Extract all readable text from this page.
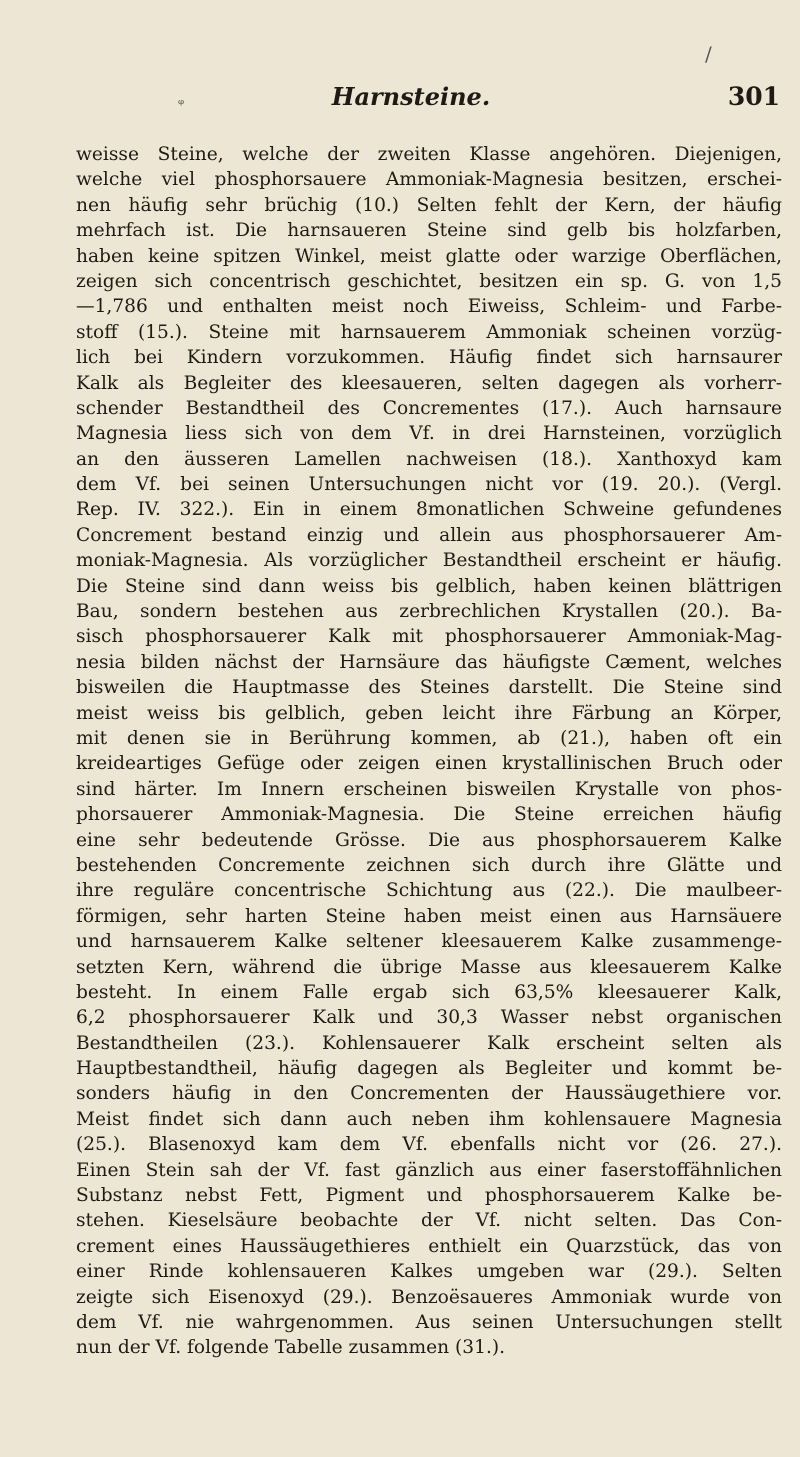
/
ᵩ	Harnsteine.	301
weisse Steine, welche der zweiten Klasse angehören. Diejenigen,
welche viel phosphorsauere Ammoniak-Magnesia besitzen, erschei-
nen häufig sehr brüchig (10.) Selten fehlt der Kern, der häufig
mehrfach ist. Die harnsaueren Steine sind gelb bis holzfarben,
haben keine spitzen Winkel, meist glatte oder warzige Oberflächen,
zeigen sich concentrisch geschichtet, besitzen ein sp. G. von 1,5
—1,786 und enthalten meist noch Eiweiss, Schleim- und Farbe-
stoff (15.). Steine mit harnsauerem Ammoniak scheinen vorzüg-
lich bei Kindern vorzukommen. Häufig findet sich harnsaurer
Kalk als Begleiter des kleesaueren, selten dagegen als vorherr-
schender Bestandtheil des Concrementes (17.). Auch harnsaure
Magnesia liess sich von dem Vf. in drei Harnsteinen, vorzüglich
an den äusseren Lamellen nachweisen (18.). Xanthoxyd kam
dem Vf. bei seinen Untersuchungen nicht vor (19. 20.). (Vergl.
Rep. IV. 322.). Ein in einem 8monatlichen Schweine gefundenes
Concrement bestand einzig und allein aus phosphorsauerer Am-
moniak-Magnesia. Als vorzüglicher Bestandtheil erscheint er häufig.
Die Steine sind dann weiss bis gelblich, haben keinen blättrigen
Bau, sondern bestehen aus zerbrechlichen Krystallen (20.). Ba-
sisch phosphorsauerer Kalk mit phosphorsauerer Ammoniak-Mag-
nesia bilden nächst der Harnsäure das häufigste Cæment, welches
bisweilen die Hauptmasse des Steines darstellt. Die Steine sind
meist weiss bis gelblich, geben leicht ihre Färbung an Körper,
mit denen sie in Berührung kommen, ab (21.), haben oft ein
kreideartiges Gefüge oder zeigen einen krystallinischen Bruch oder
sind härter. Im Innern erscheinen bisweilen Krystalle von phos-
phorsauerer Ammoniak-Magnesia. Die Steine erreichen häufig
eine sehr bedeutende Grösse. Die aus phosphorsauerem Kalke
bestehenden Concremente zeichnen sich durch ihre Glätte und
ihre reguläre concentrische Schichtung aus (22.). Die maulbeer-
förmigen, sehr harten Steine haben meist einen aus Harnsäuere
und harnsauerem Kalke seltener kleesauerem Kalke zusammenge-
setzten Kern, während die übrige Masse aus kleesauerem Kalke
besteht. In einem Falle ergab sich 63,5% kleesauerer Kalk,
6,2 phosphorsauerer Kalk und 30,3 Wasser nebst organischen
Bestandtheilen (23.). Kohlensauerer Kalk erscheint selten als
Hauptbestandtheil, häufig dagegen als Begleiter und kommt be-
sonders häufig in den Concrementen der Haussäugethiere vor.
Meist findet sich dann auch neben ihm kohlensauere Magnesia
(25.). Blasenoxyd kam dem Vf. ebenfalls nicht vor (26. 27.).
Einen Stein sah der Vf. fast gänzlich aus einer faserstoffähnlichen
Substanz nebst Fett, Pigment und phosphorsauerem Kalke be-
stehen. Kieselsäure beobachte der Vf. nicht selten. Das Con-
crement eines Haussäugethieres enthielt ein Quarzstück, das von
einer Rinde kohlensaueren Kalkes umgeben war (29.). Selten
zeigte sich Eisenoxyd (29.). Benzoësaueres Ammoniak wurde von
dem Vf. nie wahrgenommen. Aus seinen Untersuchungen stellt
nun der Vf. folgende Tabelle zusammen (31.).
